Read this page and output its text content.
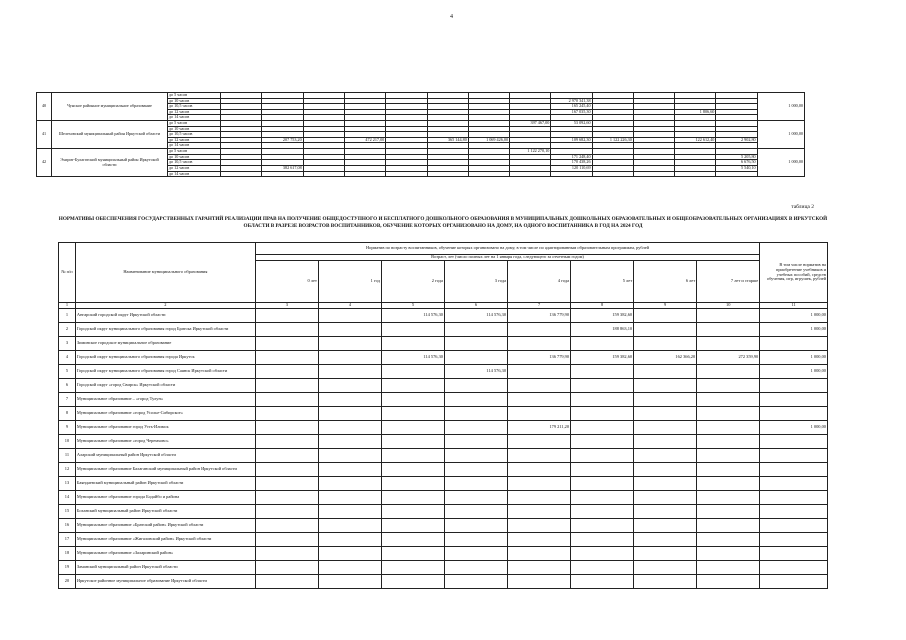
4
40	Чунское районное муниципальное образование	до 5 часов														1 000,00
		до 10 часов									2 970 341,38					
		до 10,5 часов									165 245,40					
		до 12 часов									167 035,30			1 806,60		
		до 14 часов														
41	Шелеховский муниципальный район Иркутской области	до 5 часов								397 467,00	53 092,60					1 000,00
		до 10 часов														
		до 10,5 часов														
		до 12 часов		207 753,20		472 217,00		365 144,80	1 069 426,00		109 682,30	1 122 226,30		122 612,40	2 902,80	
		до 14 часов														
42	Эхирит-Булагатский муниципальный район Иркутской области	до 5 часов								1 122 270,10						1 000,00
		до 10 часов									171 248,40				5 205,80	
		до 10,5 часов									170 438,26				6 676,50	
		до 12 часов		382 617,08							120 110,69				5 540,10	
		до 14 часов														
таблица 2
НОРМАТИВЫ ОБЕСПЕЧЕНИЯ ГОСУДАРСТВЕННЫХ ГАРАНТИЙ РЕАЛИЗАЦИИ ПРАВ НА ПОЛУЧЕНИЕ ОБЩЕДОСТУПНОГО И БЕСПЛАТНОГО ДОШКОЛЬНОГО ОБРАЗОВАНИЯ В МУНИЦИПАЛЬНЫХ ДОШКОЛЬНЫХ ОБРАЗОВАТЕЛЬНЫХ И ОБЩЕОБРАЗОВАТЕЛЬНЫХ ОРГАНИЗАЦИЯХ В ИРКУТСКОЙ ОБЛАСТИ В РАЗРЕЗЕ ВОЗРАСТОВ ВОСПИТАННИКОВ, ОБУЧЕНИЕ КОТОРЫХ ОРГАНИЗОВАНО НА ДОМУ, НА ОДНОГО ВОСПИТАННИКА В ГОД НА 2024 ГОД
№ п/п	Наименование муниципального образования	Норматив по возрасту воспитанников, обучение которых организовано на дому, в том числе по адаптированным образовательным программам, рублей								В том числе норматив на приобретение учебников и учебных пособий, средств обучения, игр, игрушек, рублей
		Возраст, лет (число полных лет на 1 января года, следующего за отчетным годом)								
		0 лет	1 год	2 года	3 года	4 года	5 лет	6 лет	7 лет и старше	
1	2	3	4	5	6	7	8	9	10	11
1	Ангарский городской округ Иркутской области			114 576,30	114 576,30	136 779,90	159 382,60			1 000,00
2	Городской округ муниципального образования город Братска Иркутской области						188 863,10			1 000,00
3	Зиминское городское муниципальное образование									
4	Городской округ муниципального образования города Иркутск			114 576,30		136 779,90	159 382,60	162 366,20	272 359,90	1 000,00
5	Городской округ муниципального образования город Саянск Иркутской области				114 576,30					1 000,00
6	Городской округ «город Свирск» Иркутской области									
7	Муниципальное образование – «город Тулун»									
8	Муниципальное образование «город Усолье-Сибирское»									
9	Муниципальное образование город Усть-Илимск					179 211,20				1 000,00
10	Муниципальное образование «город Черемхово»									
11	Аларский муниципальный район Иркутской области									
12	Муниципальное образование Балаганский муниципальный район Иркутской области									
13	Баяндаевский муниципальный район Иркутской области									
14	Муниципальное образование города Бодайбо и района									
15	Боханский муниципальный район Иркутской области									
16	Муниципальное образование «Братский район» Иркутской области									
17	Муниципальное образование «Жигаловский район» Иркутской области									
18	Муниципальное образование «Заларинский район»									
19	Заманский муниципальный район Иркутской области									
20	Иркутское районное муниципальное образование Иркутской области									
